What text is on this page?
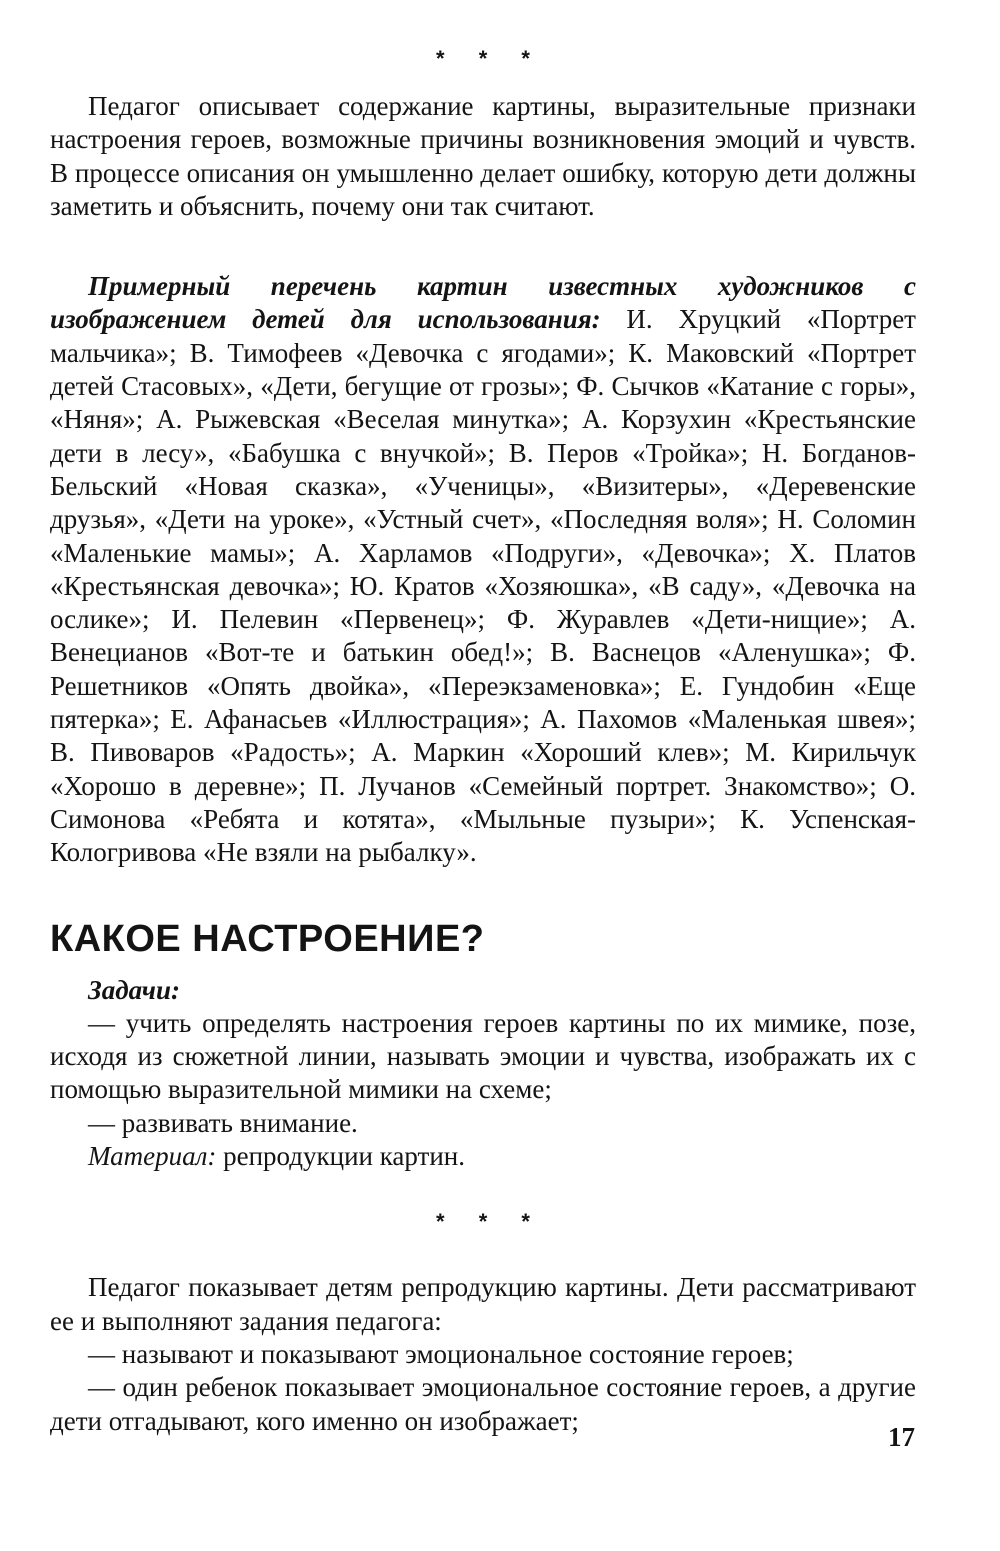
* * *

Педагог описывает содержание картины, выразительные признаки настроения героев, возможные причины возникновения эмоций и чувств. В процессе описания он умышленно делает ошибку, которую дети должны заметить и объяснить, почему они так считают.

Примерный перечень картин известных художников с изображением детей для использования: И. Хруцкий «Портрет мальчика»; В. Тимофеев «Девочка с ягодами»; К. Маковский «Портрет детей Стасовых», «Дети, бегущие от грозы»; Ф. Сычков «Катание с горы», «Няня»; А. Рыжевская «Веселая минутка»; А. Корзухин «Крестьянские дети в лесу», «Бабушка с внучкой»; В. Перов «Тройка»; Н. Богданов-Бельский «Новая сказка», «Ученицы», «Визитеры», «Деревенские друзья», «Дети на уроке», «Устный счет», «Последняя воля»; Н. Соломин «Маленькие мамы»; А. Харламов «Подруги», «Девочка»; Х. Платов «Крестьянская девочка»; Ю. Кратов «Хозяюшка», «В саду», «Девочка на ослике»; И. Пелевин «Первенец»; Ф. Журавлев «Дети-нищие»; А. Венецианов «Вот-те и батькин обед!»; В. Васнецов «Аленушка»; Ф. Решетников «Опять двойка», «Переэкзаменовка»; Е. Гундобин «Еще пятерка»; Е. Афанасьев «Иллюстрация»; А. Пахомов «Маленькая швея»; В. Пивоваров «Радость»; А. Маркин «Хороший клев»; М. Кирильчук «Хорошо в деревне»; П. Лучанов «Семейный портрет. Знакомство»; О. Симонова «Ребята и котята», «Мыльные пузыри»; К. Успенская-Кологривова «Не взяли на рыбалку».

КАКОЕ НАСТРОЕНИЕ?

Задачи:

— учить определять настроения героев картины по их мимике, позе, исходя из сюжетной линии, называть эмоции и чувства, изображать их с помощью выразительной мимики на схеме;

— развивать внимание.

Материал: репродукции картин.

* * *

Педагог показывает детям репродукцию картины. Дети рассматривают ее и выполняют задания педагога:

— называют и показывают эмоциональное состояние героев;

— один ребенок показывает эмоциональное состояние героев, а другие дети отгадывают, кого именно он изображает;

17
